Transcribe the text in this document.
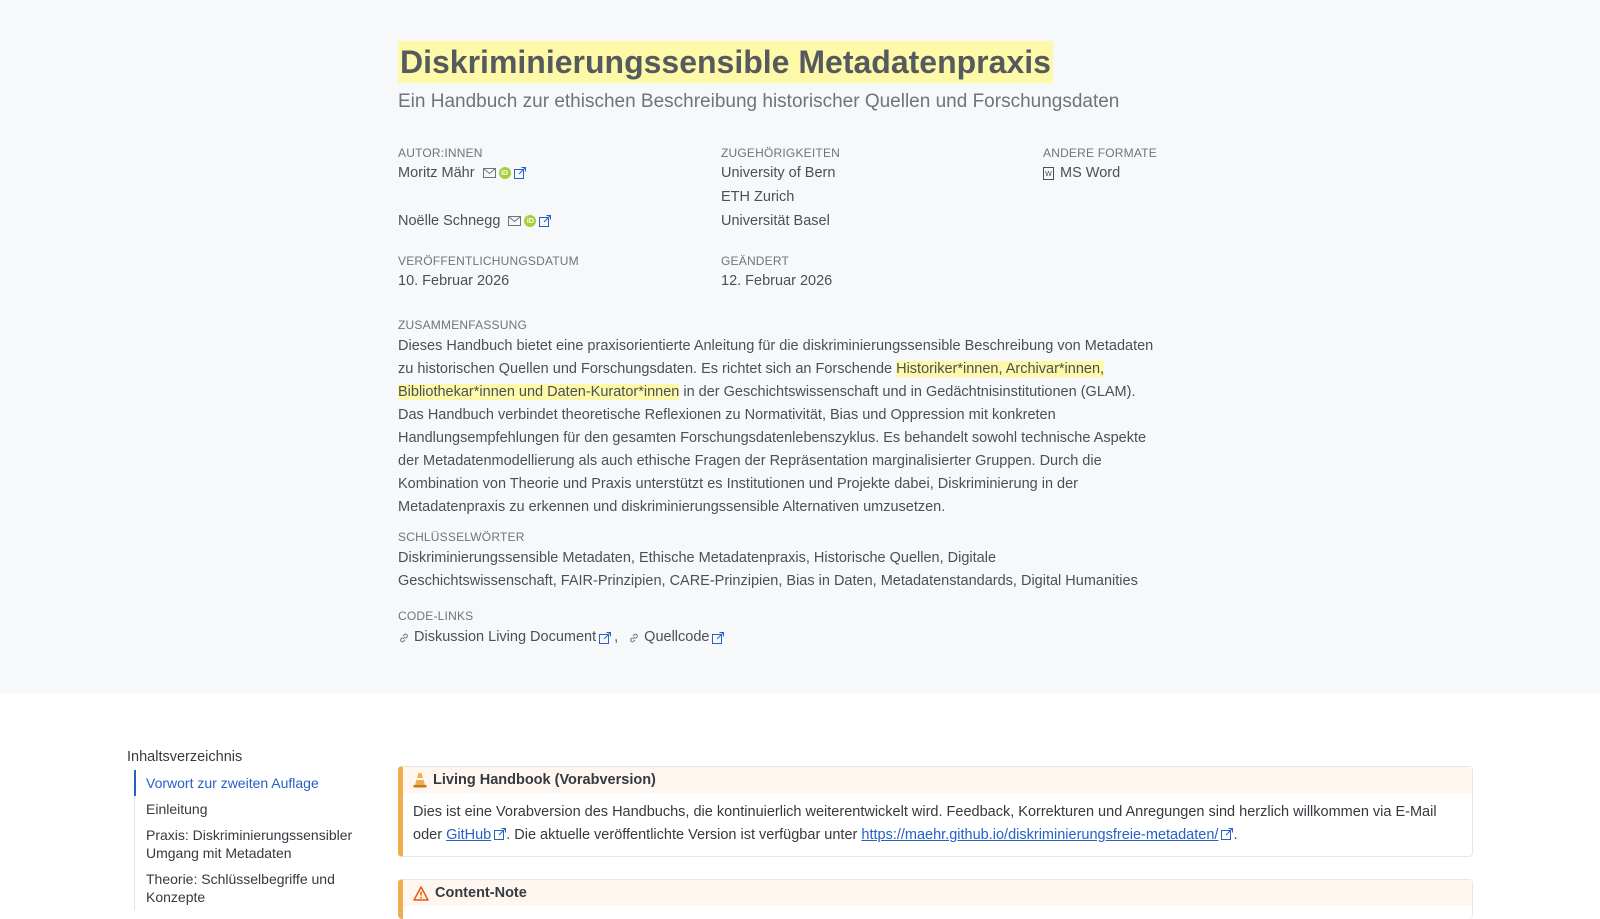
Diskriminierungssensible Metadatenpraxis
Ein Handbuch zur ethischen Beschreibung historischer Quellen und Forschungsdaten
AUTOR:INNEN
Moritz Mähr	iD
Noëlle Schnegg	iD
ZUGEHÖRIGKEITEN
University of Bern
ETH Zurich
Universität Basel
ANDERE FORMATE
W MS Word
VERÖFFENTLICHUNGSDATUM
10. Februar 2026
GEÄNDERT
12. Februar 2026
ZUSAMMENFASSUNG

Dieses Handbuch bietet eine praxisorientierte Anleitung für die diskriminierungssensible Beschreibung von Metadaten zu historischen Quellen und Forschungsdaten. Es richtet sich an Forschende Historiker*innen, Archivar*innen, Bibliothekar*innen und Daten-Kurator*innen in der Geschichtswissenschaft und in Gedächtnisinstitutionen (GLAM). Das Handbuch verbindet theoretische Reflexionen zu Normativität, Bias und Oppression mit konkreten Handlungsempfehlungen für den gesamten Forschungsdatenlebenszyklus. Es behandelt sowohl technische Aspekte der Metadatenmodellierung als auch ethische Fragen der Repräsentation marginalisierter Gruppen. Durch die Kombination von Theorie und Praxis unterstützt es Institutionen und Projekte dabei, Diskriminierung in der Metadatenpraxis zu erkennen und diskriminierungssensible Alternativen umzusetzen.

SCHLÜSSELWÖRTER

Diskriminierungssensible Metadaten, Ethische Metadatenpraxis, Historische Quellen, Digitale Geschichtswissenschaft, FAIR-Prinzipien, CARE-Prinzipien, Bias in Daten, Metadatenstandards, Digital Humanities

CODE-LINKS
Diskussion Living Document , Quellcode
Inhaltsverzeichnis
Vorwort zur zweiten Auflage
Einleitung
Praxis: Diskriminierungssensibler Umgang mit Metadaten
Theorie: Schlüsselbegriffe und Konzepte
Living Handbook (Vorabversion)
Dies ist eine Vorabversion des Handbuchs, die kontinuierlich weiterentwickelt wird. Feedback, Korrekturen und Anregungen sind herzlich willkommen via E-Mail oder GitHub . Die aktuelle veröffentlichte Version ist verfügbar unter https://maehr.github.io/diskriminierungsfreie-metadaten/ .
Content-Note
